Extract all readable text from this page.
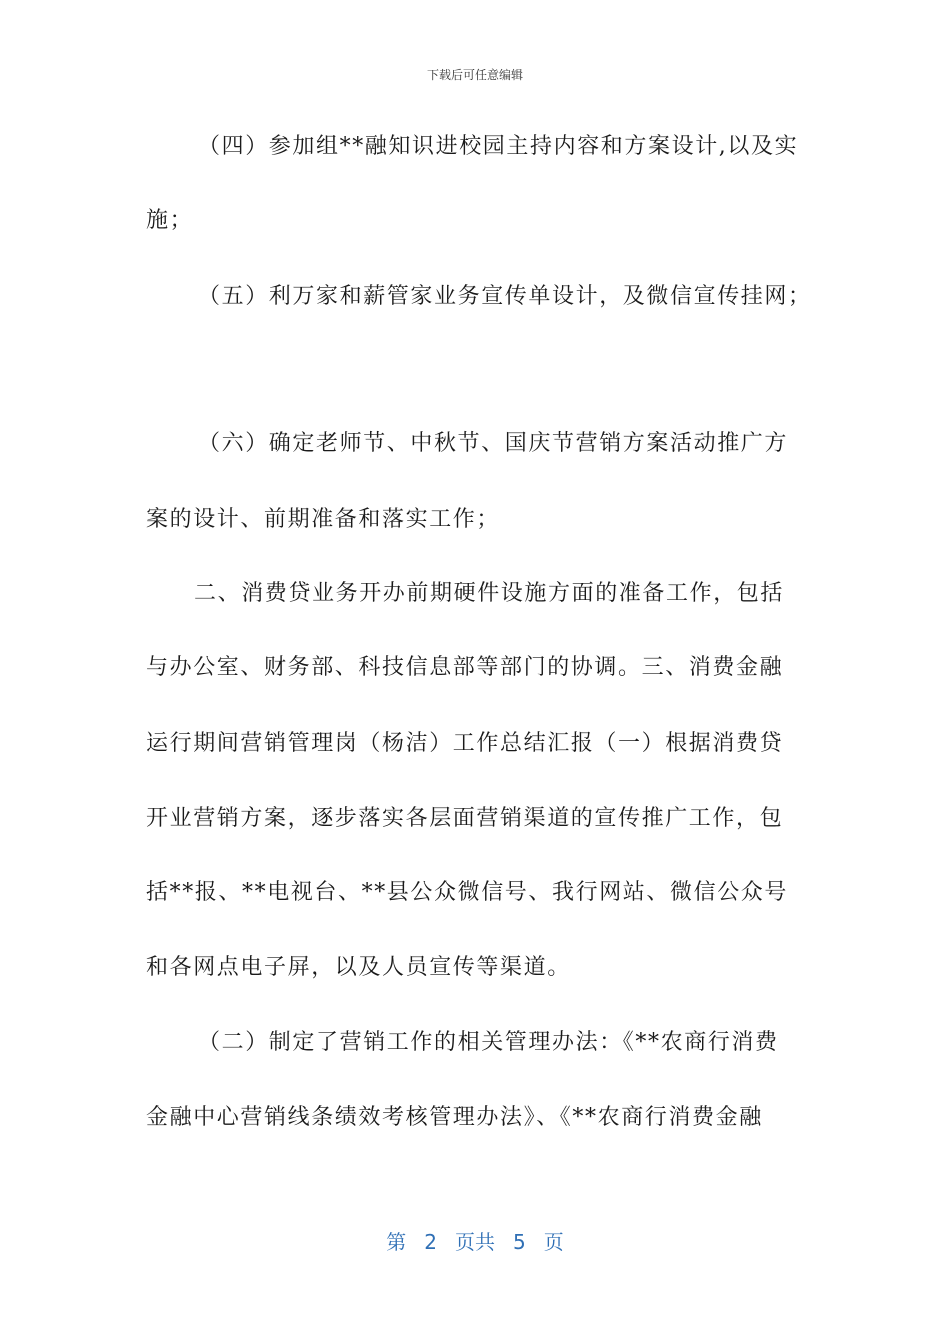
下载后可任意编辑
（四）参加组**融知识进校园主持内容和方案设计,以及实
施；
（五）利万家和薪管家业务宣传单设计，及微信宣传挂网；
（六）确定老师节、中秋节、国庆节营销方案活动推广方
案的设计、前期准备和落实工作；
二、消费贷业务开办前期硬件设施方面的准备工作，包括
与办公室、财务部、科技信息部等部门的协调。三、消费金融
运行期间营销管理岗（杨洁）工作总结汇报（一）根据消费贷
开业营销方案，逐步落实各层面营销渠道的宣传推广工作，包
括**报、**电视台、**县公众微信号、我行网站、微信公众号
和各网点电子屏，以及人员宣传等渠道。
（二）制定了营销工作的相关管理办法：《**农商行消费
金融中心营销线条绩效考核管理办法》、《**农商行消费金融
第 2 页共 5 页
